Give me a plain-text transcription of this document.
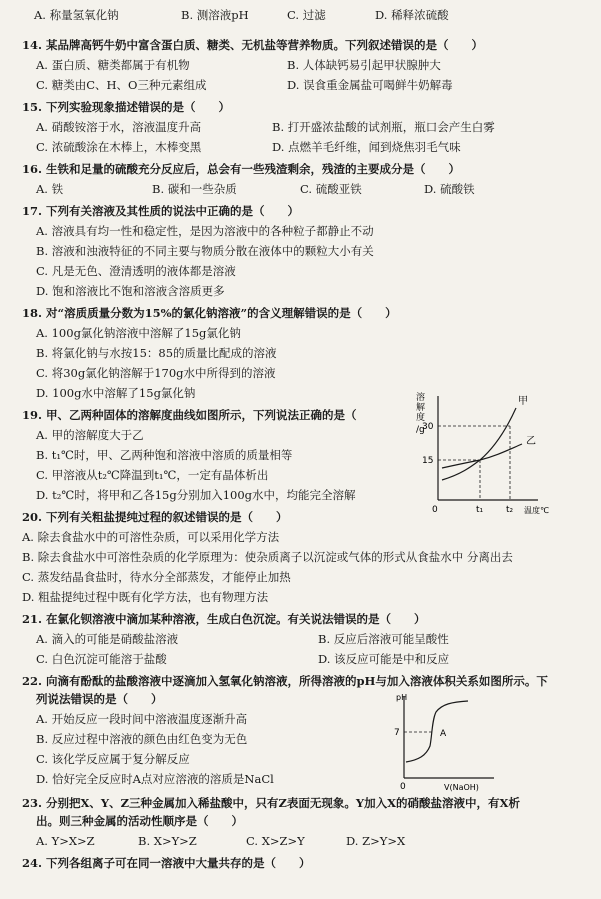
A. 称量氢氧化钠	B. 测溶液pH	C. 过滤	D. 稀释浓硫酸
14. 某品牌高钙牛奶中富含蛋白质、糖类、无机盐等营养物质。下列叙述错误的是（　　）
A. 蛋白质、糖类都属于有机物	B. 人体缺钙易引起甲状腺肿大
C. 糖类由C、H、O三种元素组成	D. 误食重金属盐可喝鲜牛奶解毒
15. 下列实验现象描述错误的是（　　）
A. 硝酸铵溶于水，溶液温度升高	B. 打开盛浓盐酸的试剂瓶，瓶口会产生白雾
C. 浓硫酸涂在木棒上，木棒变黑	D. 点燃羊毛纤维，闻到烧焦羽毛气味
16. 生铁和足量的硫酸充分反应后，总会有一些残渣剩余，残渣的主要成分是（　　）
A. 铁	B. 碳和一些杂质	C. 硫酸亚铁	D. 硫酸铁
17. 下列有关溶液及其性质的说法中正确的是（　　）
A. 溶液具有均一性和稳定性，是因为溶液中的各种粒子都静止不动
B. 溶液和浊液特征的不同主要与物质分散在液体中的颗粒大小有关
C. 凡是无色、澄清透明的液体都是溶液
D. 饱和溶液比不饱和溶液含溶质更多
18. 对“溶质质量分数为15%的氯化钠溶液”的含义理解错误的是（　　）
A. 100g氯化钠溶液中溶解了15g氯化钠
B. 将氯化钠与水按15：85的质量比配成的溶液
C. 将30g氯化钠溶解于170g水中所得到的溶液
D. 100g水中溶解了15g氯化钠
19. 甲、乙两种固体的溶解度曲线如图所示，下列说法正确的是（
A. 甲的溶解度大于乙
B. t₁℃时，甲、乙两种饱和溶液中溶质的质量相等
C. 甲溶液从t₂℃降温到t₁℃，一定有晶体析出
D. t₂℃时，将甲和乙各15g分别加入100g水中，均能完全溶解
溶
解
度
/g
30
15
0	t₁	t₂ 温度℃
甲
乙
20. 下列有关粗盐提纯过程的叙述错误的是（　　）
A. 除去食盐水中的可溶性杂质，可以采用化学方法
B. 除去食盐水中可溶性杂质的化学原理为：使杂质离子以沉淀或气体的形式从食盐水中 分离出去
C. 蒸发结晶食盐时，待水分全部蒸发，才能停止加热
D. 粗盐提纯过程中既有化学方法，也有物理方法
21. 在氯化钡溶液中滴加某种溶液，生成白色沉淀。有关说法错误的是（　　）
A. 滴入的可能是硝酸盐溶液	B. 反应后溶液可能呈酸性
C. 白色沉淀可能溶于盐酸	D. 该反应可能是中和反应
22. 向滴有酚酞的盐酸溶液中逐滴加入氢氧化钠溶液，所得溶液的pH与加入溶液体积关系如图所示。下
列说法错误的是（　　）
A. 开始反应一段时间中溶液温度逐渐升高
B. 反应过程中溶液的颜色由红色变为无色
C. 该化学反应属于复分解反应
D. 恰好完全反应时A点对应溶液的溶质是NaCl
pH
7	A
0	V(NaOH)
23. 分别把X、Y、Z三种金属加入稀盐酸中，只有Z表面无现象。Y加入X的硝酸盐溶液中，有X析
出。则三种金属的活动性顺序是（　　）
A. Y>X>Z	B. X>Y>Z	C. X>Z>Y	D. Z>Y>X
24. 下列各组离子可在同一溶液中大量共存的是（　　）
